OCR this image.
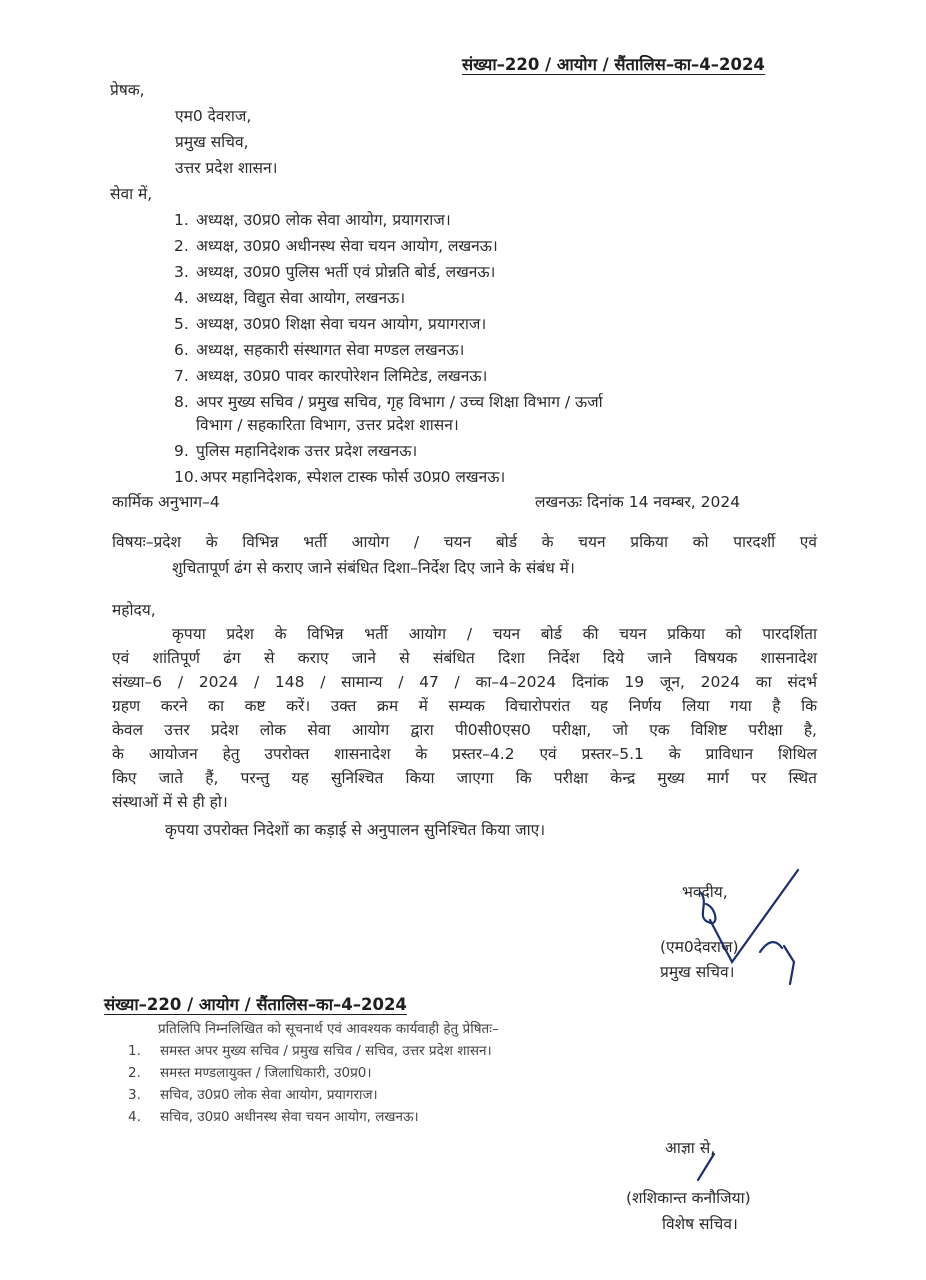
संख्या–220 / आयोग / सैंतालिस–का–4–2024
प्रेषक,
एम0 देवराज,
प्रमुख सचिव,
उत्तर प्रदेश शासन।
सेवा में,
1. अध्यक्ष, उ0प्र0 लोक सेवा आयोग, प्रयागराज।
2. अध्यक्ष, उ0प्र0 अधीनस्थ सेवा चयन आयोग, लखनऊ।
3. अध्यक्ष, उ0प्र0 पुलिस भर्ती एवं प्रोन्नति बोर्ड, लखनऊ।
4. अध्यक्ष, विद्युत सेवा आयोग, लखनऊ।
5. अध्यक्ष, उ0प्र0 शिक्षा सेवा चयन आयोग, प्रयागराज।
6. अध्यक्ष, सहकारी संस्थागत सेवा मण्डल लखनऊ।
7. अध्यक्ष, उ0प्र0 पावर कारपोरेशन लिमिटेड, लखनऊ।
8. अपर मुख्य सचिव / प्रमुख सचिव, गृह विभाग / उच्च शिक्षा विभाग / ऊर्जा
विभाग / सहकारिता विभाग, उत्तर प्रदेश शासन।
9. पुलिस महानिदेशक उत्तर प्रदेश लखनऊ।
10.अपर महानिदेशक, स्पेशल टास्क फोर्स उ0प्र0 लखनऊ।
कार्मिक अनुभाग–4	लखनऊः दिनांक 14 नवम्बर, 2024
विषयः–प्रदेश के विभिन्न भर्ती आयोग / चयन बोर्ड के चयन प्रकिया को पारदर्शी एवं
शुचितापूर्ण ढंग से कराए जाने संबंधित दिशा–निर्देश दिए जाने के संबंध में।
महोदय,
कृपया प्रदेश के विभिन्न भर्ती आयोग / चयन बोर्ड की चयन प्रकिया को पारदर्शिता
एवं शांतिपूर्ण ढंग से कराए जाने से संबंधित दिशा निर्देश दिये जाने विषयक शासनादेश
संख्या–6 / 2024 / 148 / सामान्य / 47 / का–4–2024 दिनांक 19 जून, 2024 का संदर्भ
ग्रहण करने का कष्ट करें। उक्त क्रम में सम्यक विचारोपरांत यह निर्णय लिया गया है कि
केवल उत्तर प्रदेश लोक सेवा आयोग द्वारा पी0सी0एस0 परीक्षा, जो एक विशिष्ट परीक्षा है,
के आयोजन हेतु उपरोक्त शासनादेश के प्रस्तर–4.2 एवं प्रस्तर–5.1 के प्राविधान शिथिल
किए जाते हैं, परन्तु यह सुनिश्चित किया जाएगा कि परीक्षा केन्द्र मुख्य मार्ग पर स्थित
संस्थाओं में से ही हो।
कृपया उपरोक्त निदेशों का कड़ाई से अनुपालन सुनिश्चित किया जाए।
भवदीय,
(एम0देवराज)
प्रमुख सचिव।
संख्या–220 / आयोग / सैंतालिस–का–4–2024
प्रतिलिपि निम्नलिखित को सूचनार्थ एवं आवश्यक कार्यवाही हेतु प्रेषितः–
1. समस्त अपर मुख्य सचिव / प्रमुख सचिव / सचिव, उत्तर प्रदेश शासन।
2. समस्त मण्डलायुक्त / जिलाधिकारी, उ0प्र0।
3. सचिव, उ0प्र0 लोक सेवा आयोग, प्रयागराज।
4. सचिव, उ0प्र0 अधीनस्थ सेवा चयन आयोग, लखनऊ।
आज्ञा से,
(शशिकान्त कनौजिया)
विशेष सचिव।
